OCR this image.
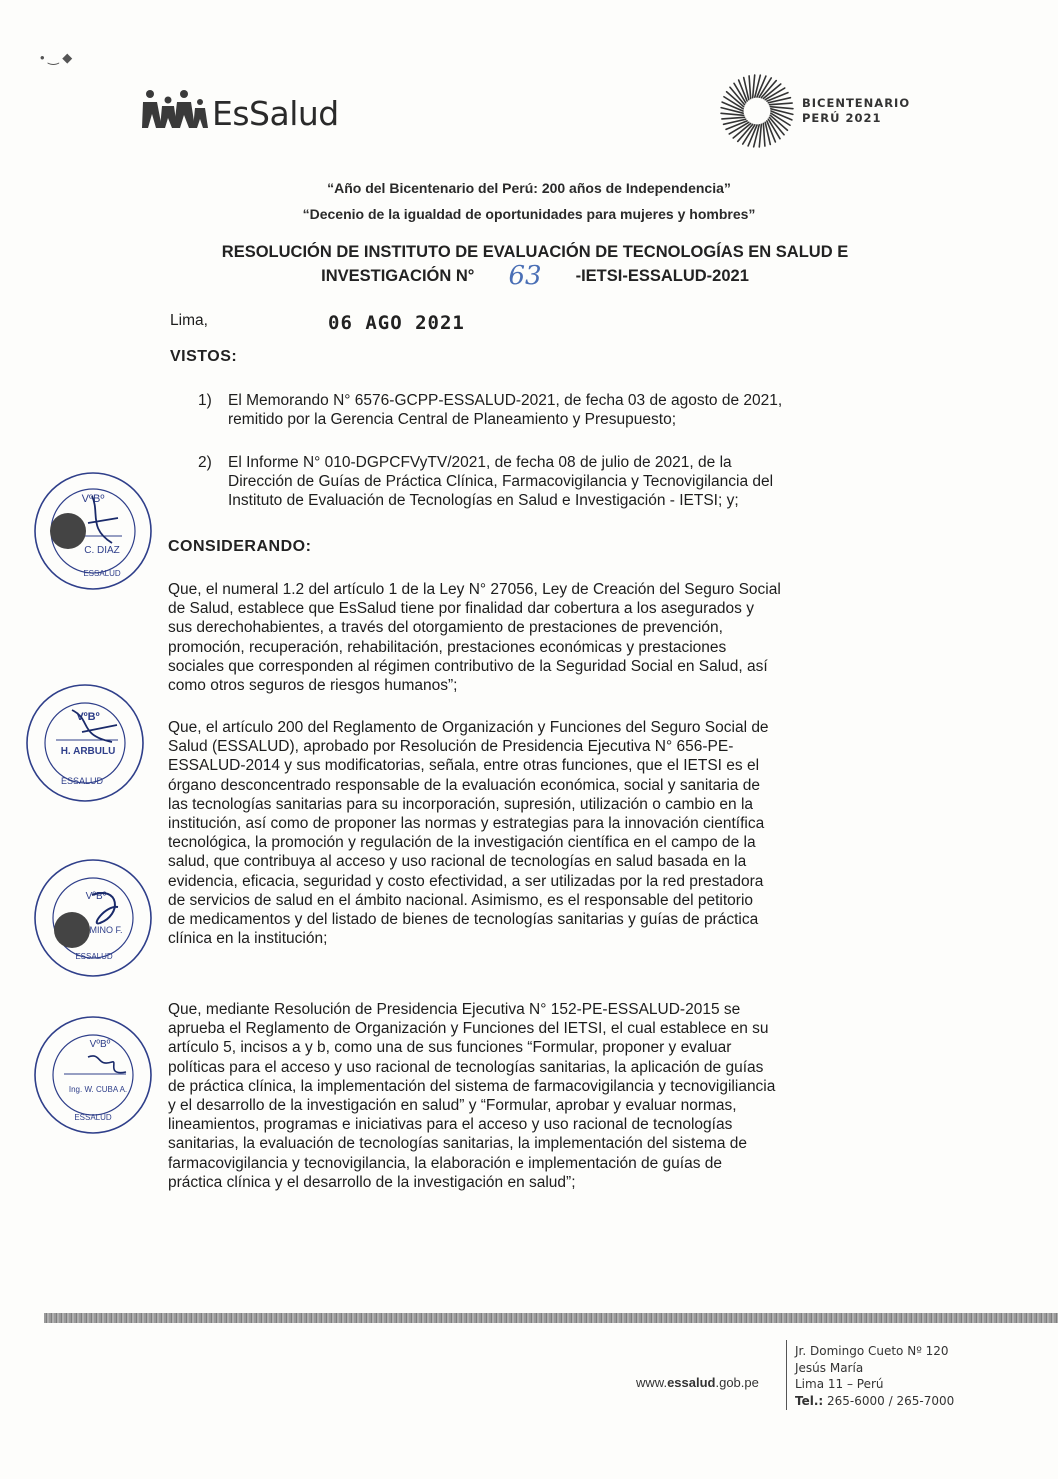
• ‿ ◆
EsSalud	BICENTENARIO
PERÚ 2021
“Año del Bicentenario del Perú: 200 años de Independencia”
“Decenio de la igualdad de oportunidades para mujeres y hombres”
RESOLUCIÓN DE INSTITUTO DE EVALUACIÓN DE TECNOLOGÍAS EN SALUD E
INVESTIGACIÓN N° 63 -IETSI-ESSALUD-2021
Lima,	06 AGO 2021
VISTOS:
1)	El Memorando N° 6576-GCPP-ESSALUD-2021, de fecha 03 de agosto de 2021,
remitido por la Gerencia Central de Planeamiento y Presupuesto;
2)	El Informe N° 010-DGPCFVyTV/2021, de fecha 08 de julio de 2021, de la
Dirección de Guías de Práctica Clínica, Farmacovigilancia y Tecnovigilancia del
Instituto de Evaluación de Tecnologías en Salud e Investigación - IETSI; y;
CONSIDERANDO:
Que, el numeral 1.2 del artículo 1 de la Ley N° 27056, Ley de Creación del Seguro Social
de Salud, establece que EsSalud tiene por finalidad dar cobertura a los asegurados y
sus derechohabientes, a través del otorgamiento de prestaciones de prevención,
promoción, recuperación, rehabilitación, prestaciones económicas y prestaciones
sociales que corresponden al régimen contributivo de la Seguridad Social en Salud, así
como otros seguros de riesgos humanos”;
Que, el artículo 200 del Reglamento de Organización y Funciones del Seguro Social de
Salud (ESSALUD), aprobado por Resolución de Presidencia Ejecutiva N° 656-PE-
ESSALUD-2014 y sus modificatorias, señala, entre otras funciones, que el IETSI es el
órgano desconcentrado responsable de la evaluación económica, social y sanitaria de
las tecnologías sanitarias para su incorporación, supresión, utilización o cambio en la
institución, así como de proponer las normas y estrategias para la innovación científica
tecnológica, la promoción y regulación de la investigación científica en el campo de la
salud, que contribuya al acceso y uso racional de tecnologías en salud basada en la
evidencia, eficacia, seguridad y costo efectividad, a ser utilizadas por la red prestadora
de servicios de salud en el ámbito nacional. Asimismo, es el responsable del petitorio
de medicamentos y del listado de bienes de tecnologías sanitarias y guías de práctica
clínica en la institución;
Que, mediante Resolución de Presidencia Ejecutiva N° 152-PE-ESSALUD-2015 se
aprueba el Reglamento de Organización y Funciones del IETSI, el cual establece en su
artículo 5, incisos a y b, como una de sus funciones “Formular, proponer y evaluar
políticas para el acceso y uso racional de tecnologías sanitarias, la aplicación de guías
de práctica clínica, la implementación del sistema de farmacovigilancia y tecnovigiliancia
y el desarrollo de la investigación en salud” y “Formular, aprobar y evaluar normas,
lineamientos, programas e iniciativas para el acceso y uso racional de tecnologías
sanitarias, la evaluación de tecnologías sanitarias, la implementación del sistema de
farmacovigilancia y tecnovigilancia, la elaboración e implementación de guías de
práctica clínica y el desarrollo de la investigación en salud”;
VºBº
C. DIAZ
ESSALUD
VºBº
H. ARBULU
ESSALUD
VºBº
MINO F.
ESSALUD
VºBº
Ing. W. CUBA A.
ESSALUD
www.essalud.gob.pe
Jr. Domingo Cueto Nº 120
Jesús María
Lima 11 – Perú
Tel.: 265-6000 / 265-7000
